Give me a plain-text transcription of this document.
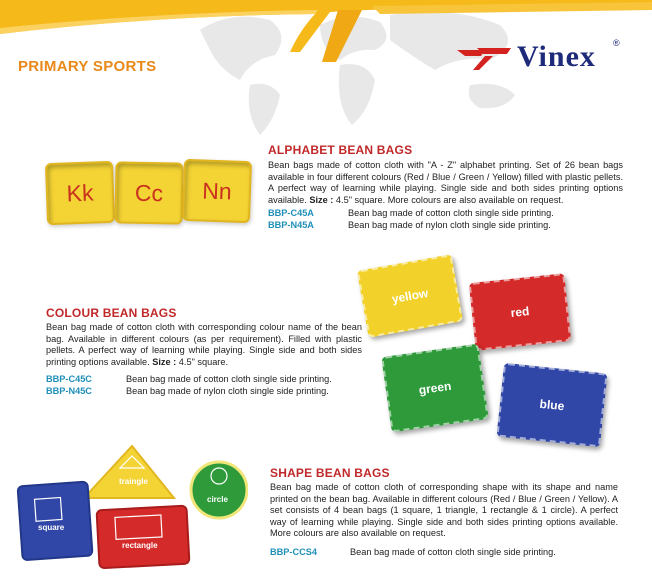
PRIMARY SPORTS	Vinex ®
Kk Cc Nn
ALPHABET BEAN BAGS
Bean bags made of cotton cloth with "A - Z" alphabet printing. Set of 26 bean bags available in four different colours (Red / Blue / Green / Yellow) filled with plastic pellets. A perfect way of learning while playing. Single side and both sides printing options available. Size : 4.5" square. More colours are also available on request.
BBP-C45A	Bean bag made of cotton cloth single side printing.
BBP-N45A	Bean bag made of nylon cloth single side printing.
COLOUR BEAN BAGS
Bean bag made of cotton cloth with corresponding colour name of the bean bag. Available in different colours (as per requirement). Filled with plastic pellets. A perfect way of learning while playing. Single side and both sides printing options available. Size : 4.5" square.
BBP-C45C	Bean bag made of cotton cloth single side printing.
BBP-N45C	Bean bag made of nylon cloth single side printing.
yellow
red
green
blue
traingle
square
rectangle
circle
SHAPE BEAN BAGS
Bean bag made of cotton cloth of corresponding shape with its shape and name printed on the bean bag. Available in different colours (Red / Blue / Green / Yellow). A set consists of 4 bean bags (1 square, 1 triangle, 1 rectangle & 1 circle). A perfect way of learning while playing. Single side and both sides printing options available. More colours are also available on request.
BBP-CCS4	Bean bag made of cotton cloth single side printing.
